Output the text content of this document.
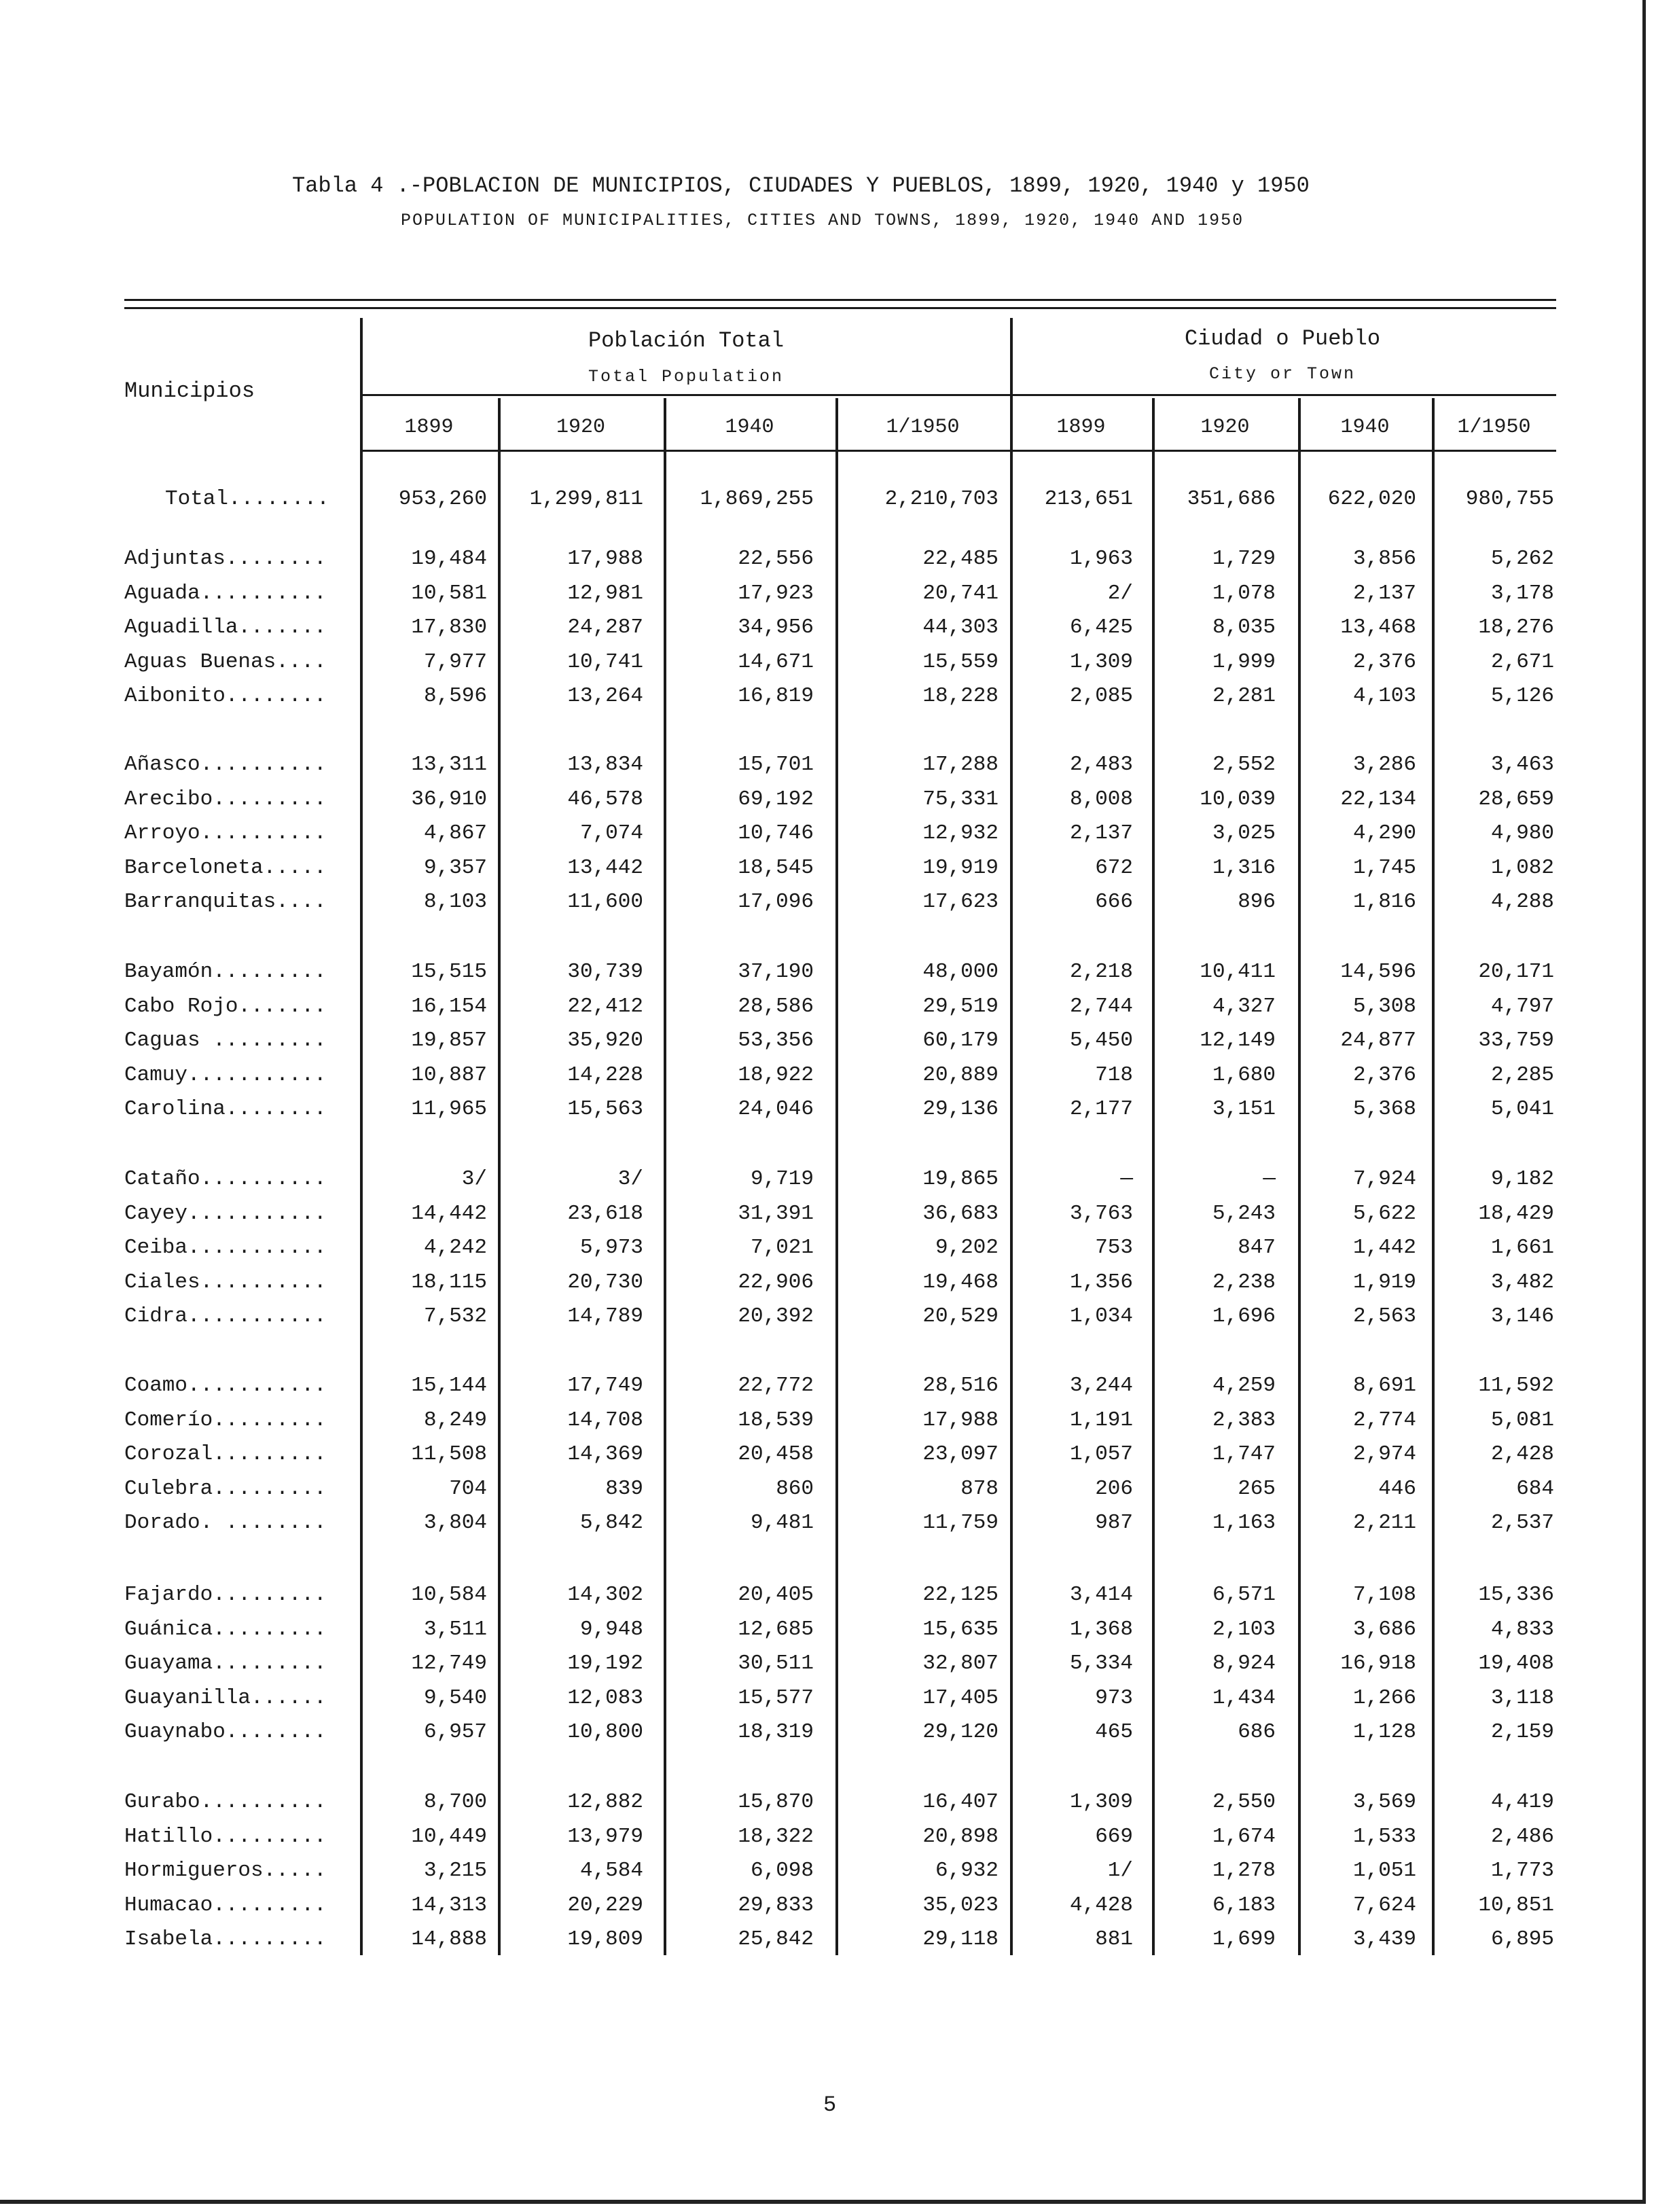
Tabla 4 .-POBLACION DE MUNICIPIOS, CIUDADES Y PUEBLOS, 1899, 1920, 1940 y 1950
POPULATION OF MUNICIPALITIES, CITIES AND TOWNS, 1899, 1920, 1940 AND 1950
Municipios
Población Total
Total Population
Ciudad o Pueblo
City or Town
1899	1920	1940	1/1950	1899	1920	1940	1/1950
Total........	953,260 1,299,811	1,869,255	2,210,703 213,651	351,686 622,020 980,755
Adjuntas........	19,484	17,988	22,556	22,485	1,963	1,729	3,856	5,262
Aguada..........	10,581	12,981	17,923	20,741	2/	1,078	2,137	3,178
Aguadilla.......	17,830	24,287	34,956	44,303	6,425	8,035	13,468	18,276
Aguas Buenas....	7,977	10,741	14,671	15,559	1,309	1,999	2,376	2,671
Aibonito........	8,596	13,264	16,819	18,228	2,085	2,281	4,103	5,126
Añasco..........	13,311	13,834	15,701	17,288	2,483	2,552	3,286	3,463
Arecibo.........	36,910	46,578	69,192	75,331	8,008	10,039	22,134	28,659
Arroyo..........	4,867	7,074	10,746	12,932	2,137	3,025	4,290	4,980
Barceloneta.....	9,357	13,442	18,545	19,919	672	1,316	1,745	1,082
Barranquitas....	8,103	11,600	17,096	17,623	666	896	1,816	4,288
Bayamón.........	15,515	30,739	37,190	48,000	2,218	10,411	14,596	20,171
Cabo Rojo.......	16,154	22,412	28,586	29,519	2,744	4,327	5,308	4,797
Caguas .........	19,857	35,920	53,356	60,179	5,450	12,149	24,877	33,759
Camuy...........	10,887	14,228	18,922	20,889	718	1,680	2,376	2,285
Carolina........	11,965	15,563	24,046	29,136	2,177	3,151	5,368	5,041
Cataño..........	3/	3/	9,719	19,865	—	—	7,924	9,182
Cayey...........	14,442	23,618	31,391	36,683	3,763	5,243	5,622	18,429
Ceiba...........	4,242	5,973	7,021	9,202	753	847	1,442	1,661
Ciales..........	18,115	20,730	22,906	19,468	1,356	2,238	1,919	3,482
Cidra...........	7,532	14,789	20,392	20,529	1,034	1,696	2,563	3,146
Coamo...........	15,144	17,749	22,772	28,516	3,244	4,259	8,691	11,592
Comerío.........	8,249	14,708	18,539	17,988	1,191	2,383	2,774	5,081
Corozal.........	11,508	14,369	20,458	23,097	1,057	1,747	2,974	2,428
Culebra.........	704	839	860	878	206	265	446	684
Dorado. ........	3,804	5,842	9,481	11,759	987	1,163	2,211	2,537
Fajardo.........	10,584	14,302	20,405	22,125	3,414	6,571	7,108	15,336
Guánica.........	3,511	9,948	12,685	15,635	1,368	2,103	3,686	4,833
Guayama.........	12,749	19,192	30,511	32,807	5,334	8,924	16,918	19,408
Guayanilla......	9,540	12,083	15,577	17,405	973	1,434	1,266	3,118
Guaynabo........	6,957	10,800	18,319	29,120	465	686	1,128	2,159
Gurabo..........	8,700	12,882	15,870	16,407	1,309	2,550	3,569	4,419
Hatillo.........	10,449	13,979	18,322	20,898	669	1,674	1,533	2,486
Hormigueros.....	3,215	4,584	6,098	6,932	1/	1,278	1,051	1,773
Humacao.........	14,313	20,229	29,833	35,023	4,428	6,183	7,624	10,851
Isabela.........	14,888	19,809	25,842	29,118	881	1,699	3,439	6,895
5
